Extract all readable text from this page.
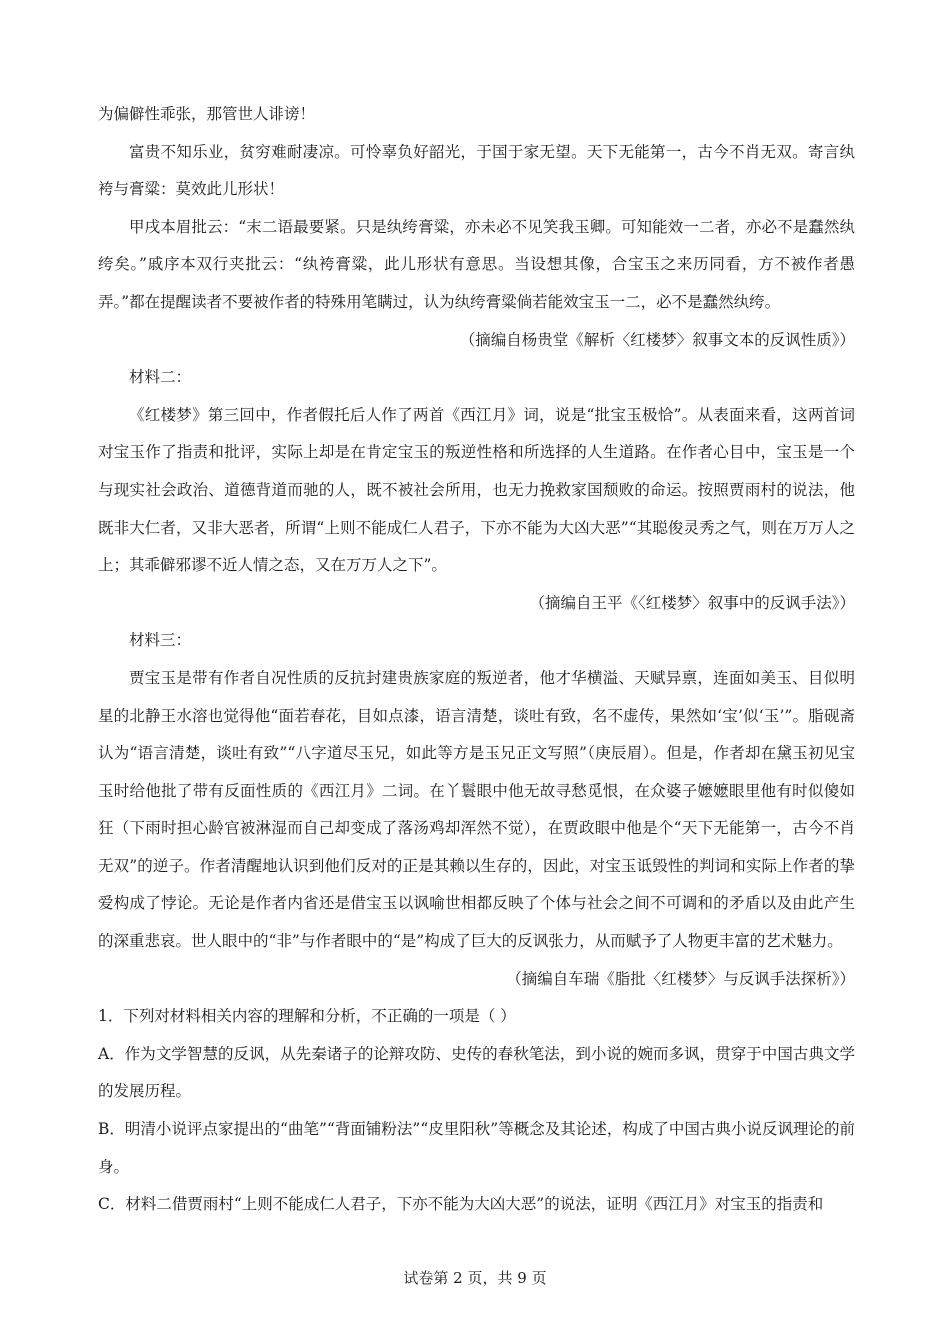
为偏僻性乖张，那管世人诽谤！

富贵不知乐业，贫穷难耐凄凉。可怜辜负好韶光，于国于家无望。天下无能第一，古今不肖无双。寄言纨袴与膏粱：莫效此儿形状！

甲戌本眉批云：“末二语最要紧。只是纨绔膏粱，亦未必不见笑我玉卿。可知能效一二者，亦必不是蠢然纨绔矣。”戚序本双行夹批云：“纨袴膏粱，此儿形状有意思。当设想其像，合宝玉之来历同看，方不被作者愚弄。”都在提醒读者不要被作者的特殊用笔瞒过，认为纨绔膏粱倘若能效宝玉一二，必不是蠢然纨绔。

（摘编自杨贵堂《解析〈红楼梦〉叙事文本的反讽性质》）

材料二：

《红楼梦》第三回中，作者假托后人作了两首《西江月》词，说是“批宝玉极恰”。从表面来看，这两首词对宝玉作了指责和批评，实际上却是在肯定宝玉的叛逆性格和所选择的人生道路。在作者心目中，宝玉是一个与现实社会政治、道德背道而驰的人，既不被社会所用，也无力挽救家国颓败的命运。按照贾雨村的说法，他既非大仁者，又非大恶者，所谓“上则不能成仁人君子，下亦不能为大凶大恶”“其聪俊灵秀之气，则在万万人之上；其乖僻邪谬不近人情之态，又在万万人之下”。

（摘编自王平《〈红楼梦〉叙事中的反讽手法》）

材料三：

贾宝玉是带有作者自况性质的反抗封建贵族家庭的叛逆者，他才华横溢、天赋异禀，连面如美玉、目似明星的北静王水溶也觉得他“面若春花，目如点漆，语言清楚，谈吐有致，名不虚传，果然如‘宝’似‘玉’”。脂砚斋认为“语言清楚，谈吐有致”“八字道尽玉兄，如此等方是玉兄正文写照”（庚辰眉）。但是，作者却在黛玉初见宝玉时给他批了带有反面性质的《西江月》二词。在丫鬟眼中他无故寻愁觅恨，在众婆子嬷嬷眼里他有时似傻如狂（下雨时担心龄官被淋湿而自己却变成了落汤鸡却浑然不觉），在贾政眼中他是个“天下无能第一，古今不肖无双”的逆子。作者清醒地认识到他们反对的正是其赖以生存的，因此，对宝玉诋毁性的判词和实际上作者的挚爱构成了悖论。无论是作者内省还是借宝玉以讽喻世相都反映了个体与社会之间不可调和的矛盾以及由此产生的深重悲哀。世人眼中的“非”与作者眼中的“是”构成了巨大的反讽张力，从而赋予了人物更丰富的艺术魅力。

（摘编自车瑞《脂批〈红楼梦〉与反讽手法探析》）

1．下列对材料相关内容的理解和分析，不正确的一项是（ ）

A．作为文学智慧的反讽，从先秦诸子的论辩攻防、史传的春秋笔法，到小说的婉而多讽，贯穿于中国古典文学的发展历程。

B．明清小说评点家提出的“曲笔”“背面铺粉法”“皮里阳秋”等概念及其论述，构成了中国古典小说反讽理论的前身。

C．材料二借贾雨村“上则不能成仁人君子，下亦不能为大凶大恶”的说法，证明《西江月》对宝玉的指责和

试卷第 2 页，共 9 页
